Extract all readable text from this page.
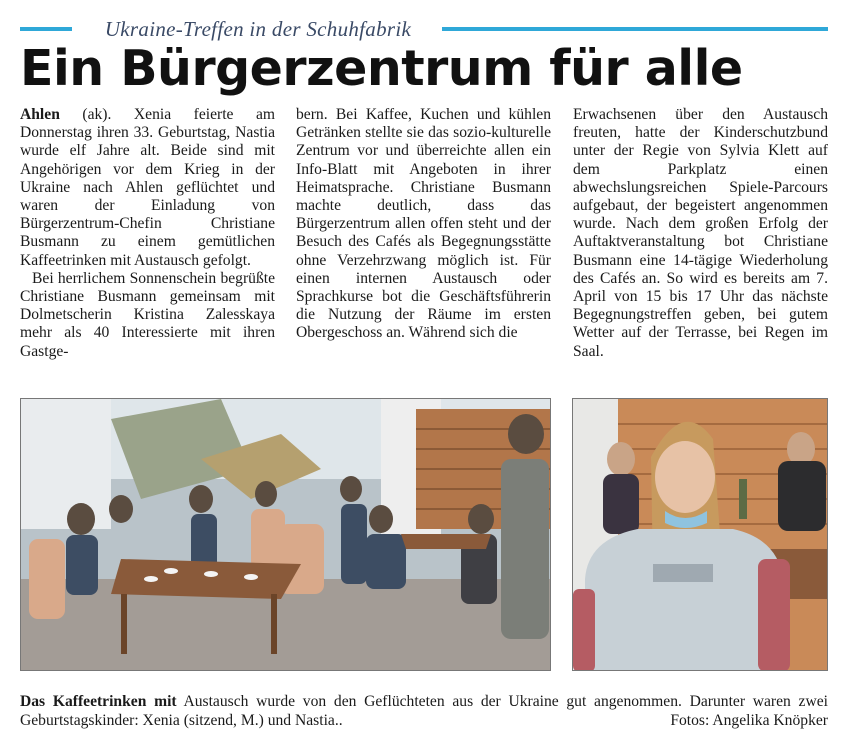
Ukraine-Treffen in der Schuhfabrik
Ein Bürgerzentrum für alle

Ahlen (ak). Xenia feierte am Donnerstag ihren 33. Geburtstag, Nastia wurde elf Jahre alt. Beide sind mit Angehörigen vor dem Krieg in der Ukraine nach Ahlen geflüchtet und waren der Einladung von Bürgerzentrum-Chefin Christiane Busmann zu einem gemütlichen Kaffeetrinken mit Austausch gefolgt.

Bei herrlichem Sonnenschein begrüßte Christiane Busmann gemeinsam mit Dolmetscherin Kristina Zalesskaya mehr als 40 Interessierte mit ihren Gastge-

bern. Bei Kaffee, Kuchen und kühlen Getränken stellte sie das sozio-kulturelle Zentrum vor und überreichte allen ein Info-Blatt mit Angeboten in ihrer Heimatsprache. Christiane Busmann machte deutlich, dass das Bürgerzentrum allen offen steht und der Besuch des Cafés als Begegnungsstätte ohne Verzehrzwang möglich ist. Für einen internen Austausch oder Sprachkurse bot die Geschäftsführerin die Nutzung der Räume im ersten Obergeschoss an. Während sich die

Erwachsenen über den Austausch freuten, hatte der Kinderschutzbund unter der Regie von Sylvia Klett auf dem Parkplatz einen abwechslungsreichen Spiele-Parcours aufgebaut, der begeistert angenommen wurde. Nach dem großen Erfolg der Auftaktveranstaltung bot Christiane Busmann eine 14-tägige Wiederholung des Cafés an. So wird es bereits am 7. April von 15 bis 17 Uhr das nächste Begegnungstreffen geben, bei gutem Wetter auf der Terrasse, bei Regen im Saal.

Das Kaffeetrinken mit Austausch wurde von den Geflüchteten aus der Ukraine gut angenommen. Darunter waren zwei Geburtstagskinder: Xenia (sitzend, M.) und Nastia..	Fotos: Angelika Knöpker
